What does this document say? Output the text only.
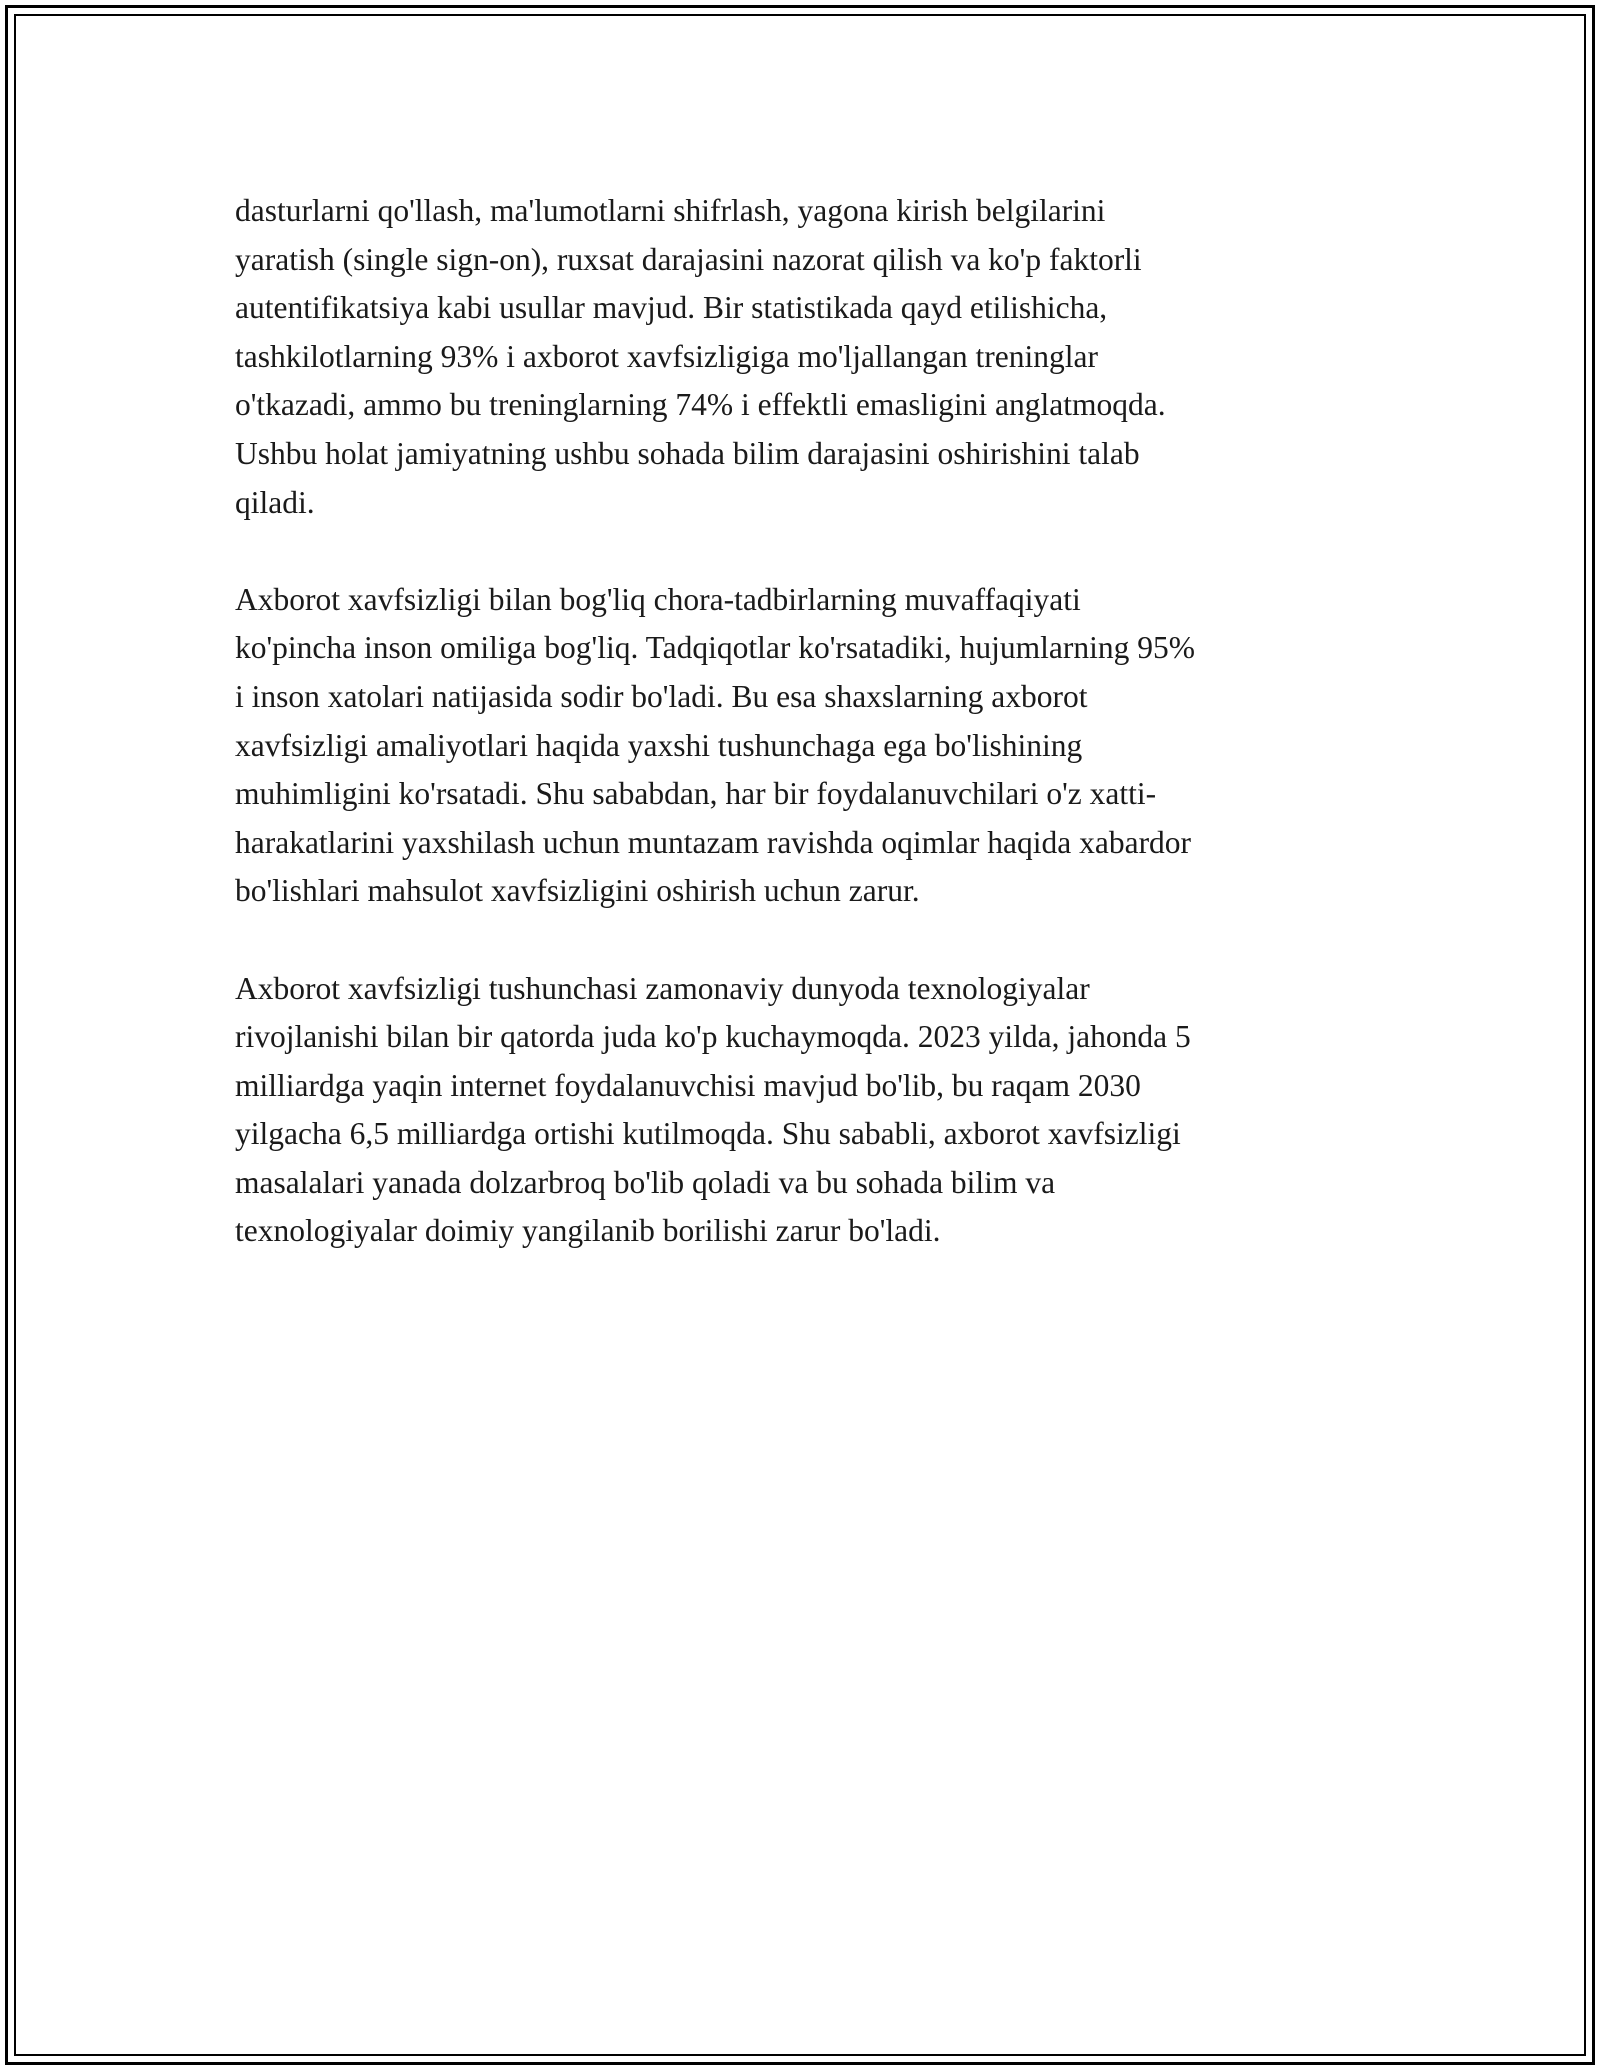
dasturlarni qo'llash, ma'lumotlarni shifrlash, yagona kirish belgilarini
yaratish (single sign-on), ruxsat darajasini nazorat qilish va ko'p faktorli
autentifikatsiya kabi usullar mavjud. Bir statistikada qayd etilishicha,
tashkilotlarning 93% i axborot xavfsizligiga mo'ljallangan treninglar
o'tkazadi, ammo bu treninglarning 74% i effektli emasligini anglatmoqda.
Ushbu holat jamiyatning ushbu sohada bilim darajasini oshirishini talab
qiladi.

Axborot xavfsizligi bilan bog'liq chora-tadbirlarning muvaffaqiyati
ko'pincha inson omiliga bog'liq. Tadqiqotlar ko'rsatadiki, hujumlarning 95%
i inson xatolari natijasida sodir bo'ladi. Bu esa shaxslarning axborot
xavfsizligi amaliyotlari haqida yaxshi tushunchaga ega bo'lishining
muhimligini ko'rsatadi. Shu sababdan, har bir foydalanuvchilari o'z xatti-
harakatlarini yaxshilash uchun muntazam ravishda oqimlar haqida xabardor
bo'lishlari mahsulot xavfsizligini oshirish uchun zarur.

Axborot xavfsizligi tushunchasi zamonaviy dunyoda texnologiyalar
rivojlanishi bilan bir qatorda juda ko'p kuchaymoqda. 2023 yilda, jahonda 5
milliardga yaqin internet foydalanuvchisi mavjud bo'lib, bu raqam 2030
yilgacha 6,5 milliardga ortishi kutilmoqda. Shu sababli, axborot xavfsizligi
masalalari yanada dolzarbroq bo'lib qoladi va bu sohada bilim va
texnologiyalar doimiy yangilanib borilishi zarur bo'ladi.
